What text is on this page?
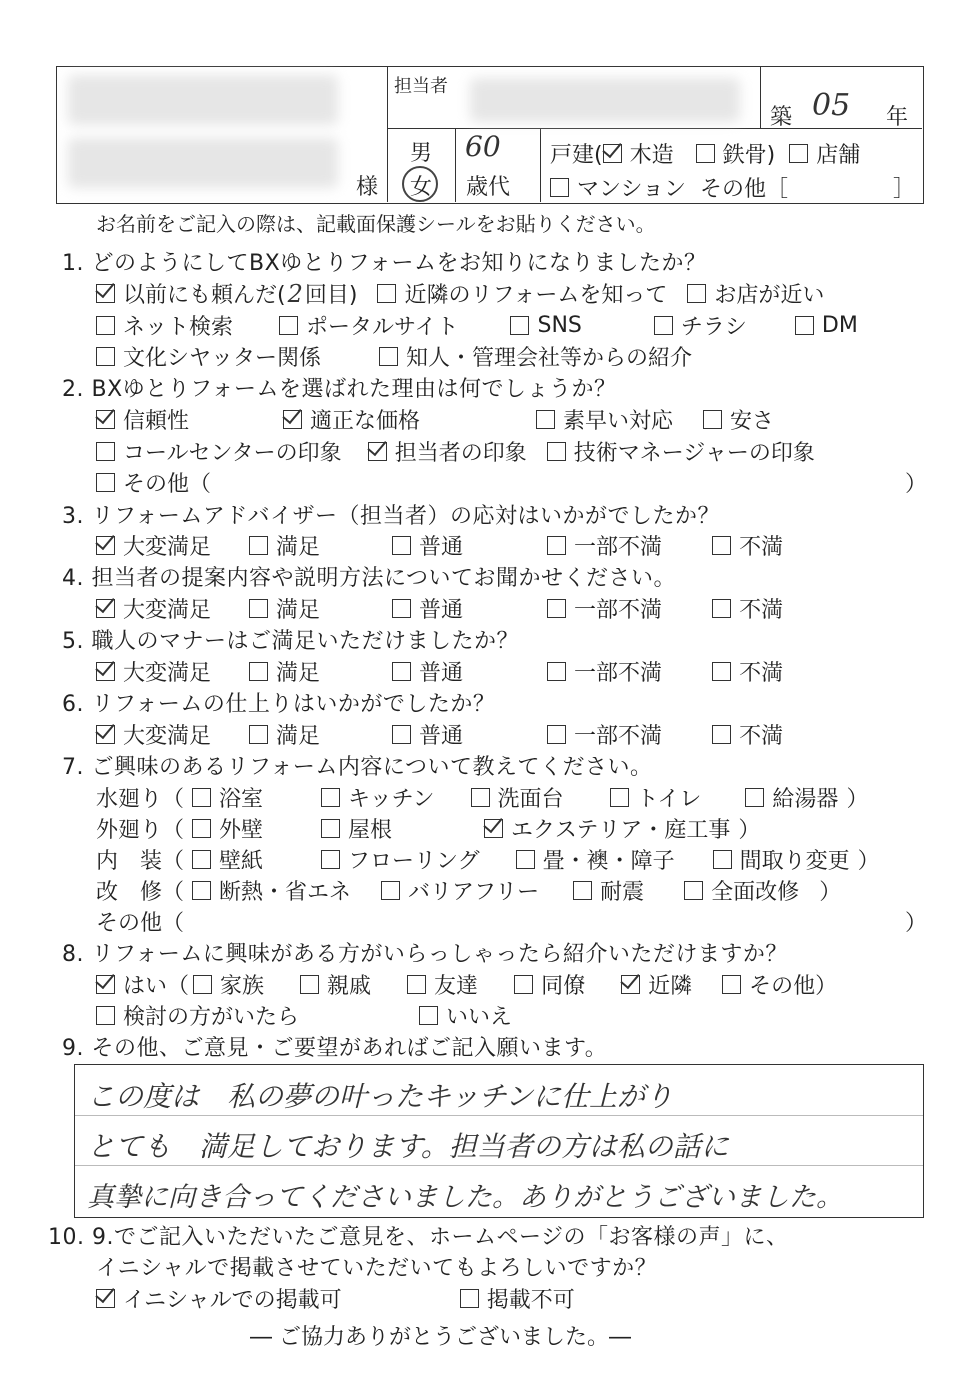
様
担当者
築 05 年
男
女
60
歳代
戸建( 木造 鉄骨) 店舗
マンション その他［	］
お名前をご記入の際は、記載面保護シールをお貼りください。
1. どのようにしてBXゆとりフォームをお知りになりましたか？
以前にも頼んだ( 2 回目) 近隣のリフォームを知って お店が近い
ネット検索	ポータルサイト	SNS	チラシ	DM
文化シヤッター関係	知人・管理会社等からの紹介
2. BXゆとりフォームを選ばれた理由は何でしょうか？
信頼性	適正な価格	素早い対応	安さ
コールセンターの印象 担当者の印象 技術マネージャーの印象
その他（	）
3. リフォームアドバイザー（担当者）の応対はいかがでしたか？
大変満足	満足	普通	一部不満	不満
4. 担当者の提案内容や説明方法についてお聞かせください。
大変満足	満足	普通	一部不満	不満
5. 職人のマナーはご満足いただけましたか？
大変満足	満足	普通	一部不満	不満
6. リフォームの仕上りはいかがでしたか？
大変満足	満足	普通	一部不満	不満
7. ご興味のあるリフォーム内容について教えてください。
水廻り（ 浴室	キッチン	洗面台	トイレ	給湯器 ）
外廻り（ 外壁	屋根	エクステリア・庭工事 ）
内　装（ 壁紙	フローリング	畳・襖・障子	間取り変更 ）
改　修（ 断熱・省エネ	バリアフリー	耐震	全面改修 ）
その他（	）
8. リフォームに興味がある方がいらっしゃったら紹介いただけますか？
はい（ 家族	親戚	友達	同僚	近隣	その他）
検討の方がいたら	いいえ
9. その他、ご意見・ご要望があればご記入願います。
この度は　私の夢の叶ったキッチンに仕上がり
とても　満足しております。担当者の方は私の話に
真摯に向き合ってくださいました。ありがとうございました。
10. 9.でご記入いただいたご意見を、ホームページの「お客様の声」に、
イニシャルで掲載させていただいてもよろしいですか？
イニシャルでの掲載可	掲載不可
― ご協力ありがとうございました。―
